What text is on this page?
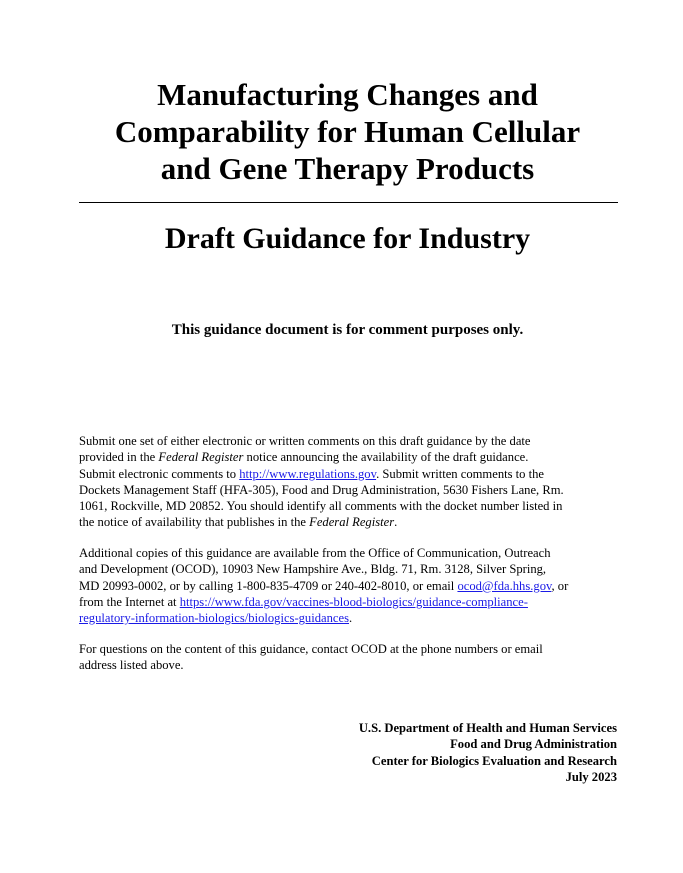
Manufacturing Changes and
Comparability for Human Cellular
and Gene Therapy Products
Draft Guidance for Industry
This guidance document is for comment purposes only.
Submit one set of either electronic or written comments on this draft guidance by the date
provided in the Federal Register notice announcing the availability of the draft guidance.
Submit electronic comments to http://www.regulations.gov. Submit written comments to the
Dockets Management Staff (HFA-305), Food and Drug Administration, 5630 Fishers Lane, Rm.
1061, Rockville, MD 20852. You should identify all comments with the docket number listed in
the notice of availability that publishes in the Federal Register.
Additional copies of this guidance are available from the Office of Communication, Outreach
and Development (OCOD), 10903 New Hampshire Ave., Bldg. 71, Rm. 3128, Silver Spring,
MD 20993-0002, or by calling 1-800-835-4709 or 240-402-8010, or email ocod@fda.hhs.gov, or
from the Internet at https://www.fda.gov/vaccines-blood-biologics/guidance-compliance-
regulatory-information-biologics/biologics-guidances.
For questions on the content of this guidance, contact OCOD at the phone numbers or email
address listed above.
U.S. Department of Health and Human Services
Food and Drug Administration
Center for Biologics Evaluation and Research
July 2023
